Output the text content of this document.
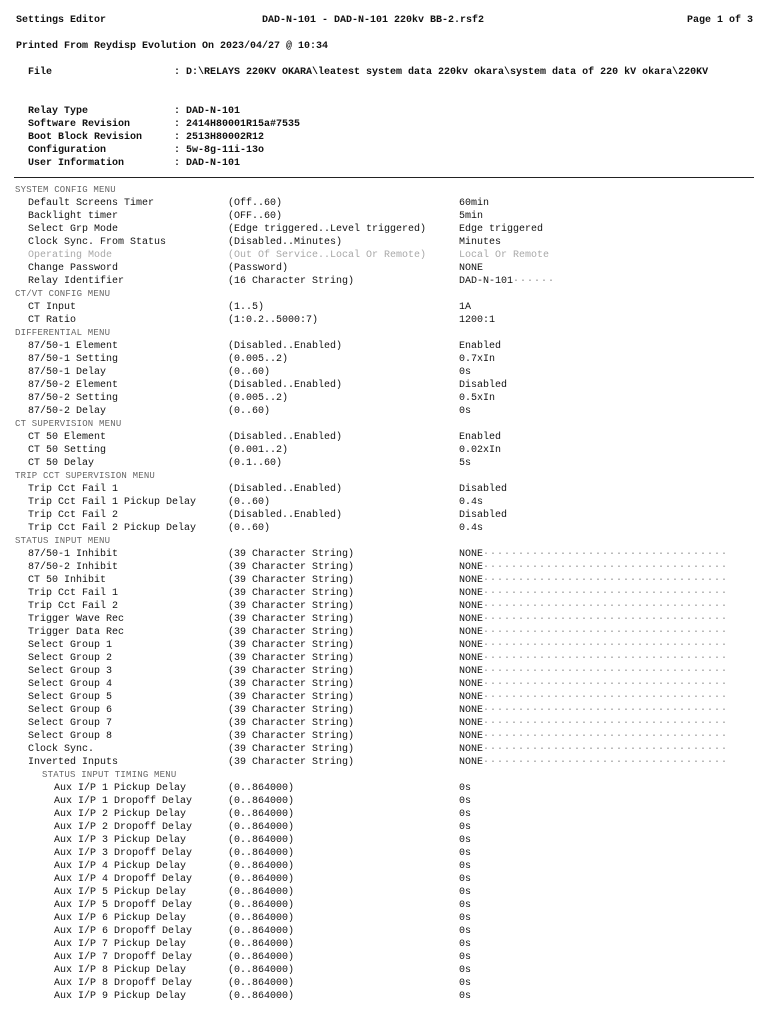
Settings Editor	DAD-N-101 - DAD-N-101 220kv BB-2.rsf2	Page 1 of 3
Printed From Reydisp Evolution On 2023/04/27 @ 10:34
File	: D:\RELAYS 220KV OKARA\leatest system data 220kv okara\system data of 220 kV okara\220KV
Relay Type	: DAD-N-101
Software Revision	: 2414H80001R15a#7535
Boot Block Revision	: 2513H80002R12
Configuration	: 5w-8g-11i-13o
User Information	: DAD-N-101
SYSTEM CONFIG MENU
Default Screens Timer	(Off..60)	60min
Backlight timer	(OFF..60)	5min
Select Grp Mode	(Edge triggered..Level triggered)	Edge triggered
Clock Sync. From Status	(Disabled..Minutes)	Minutes
Operating Mode	(Out Of Service..Local Or Remote)	Local Or Remote
Change Password	(Password)	NONE
Relay Identifier	(16 Character String)	DAD-N-101······
CT/VT CONFIG MENU
CT Input	(1..5)	1A
CT Ratio	(1:0.2..5000:7)	1200:1
DIFFERENTIAL MENU
87/50-1 Element	(Disabled..Enabled)	Enabled
87/50-1 Setting	(0.005..2)	0.7xIn
87/50-1 Delay	(0..60)	0s
87/50-2 Element	(Disabled..Enabled)	Disabled
87/50-2 Setting	(0.005..2)	0.5xIn
87/50-2 Delay	(0..60)	0s
CT SUPERVISION MENU
CT 50 Element	(Disabled..Enabled)	Enabled
CT 50 Setting	(0.001..2)	0.02xIn
CT 50 Delay	(0.1..60)	5s
TRIP CCT SUPERVISION MENU
Trip Cct Fail 1	(Disabled..Enabled)	Disabled
Trip Cct Fail 1 Pickup Delay	(0..60)	0.4s
Trip Cct Fail 2	(Disabled..Enabled)	Disabled
Trip Cct Fail 2 Pickup Delay	(0..60)	0.4s
STATUS INPUT MENU
87/50-1 Inhibit	(39 Character String)	NONE···································
87/50-2 Inhibit	(39 Character String)	NONE···································
CT 50 Inhibit	(39 Character String)	NONE···································
Trip Cct Fail 1	(39 Character String)	NONE···································
Trip Cct Fail 2	(39 Character String)	NONE···································
Trigger Wave Rec	(39 Character String)	NONE···································
Trigger Data Rec	(39 Character String)	NONE···································
Select Group 1	(39 Character String)	NONE···································
Select Group 2	(39 Character String)	NONE···································
Select Group 3	(39 Character String)	NONE···································
Select Group 4	(39 Character String)	NONE···································
Select Group 5	(39 Character String)	NONE···································
Select Group 6	(39 Character String)	NONE···································
Select Group 7	(39 Character String)	NONE···································
Select Group 8	(39 Character String)	NONE···································
Clock Sync.	(39 Character String)	NONE···································
Inverted Inputs	(39 Character String)	NONE···································
STATUS INPUT TIMING MENU
Aux I/P 1 Pickup Delay	(0..864000)	0s
Aux I/P 1 Dropoff Delay	(0..864000)	0s
Aux I/P 2 Pickup Delay	(0..864000)	0s
Aux I/P 2 Dropoff Delay	(0..864000)	0s
Aux I/P 3 Pickup Delay	(0..864000)	0s
Aux I/P 3 Dropoff Delay	(0..864000)	0s
Aux I/P 4 Pickup Delay	(0..864000)	0s
Aux I/P 4 Dropoff Delay	(0..864000)	0s
Aux I/P 5 Pickup Delay	(0..864000)	0s
Aux I/P 5 Dropoff Delay	(0..864000)	0s
Aux I/P 6 Pickup Delay	(0..864000)	0s
Aux I/P 6 Dropoff Delay	(0..864000)	0s
Aux I/P 7 Pickup Delay	(0..864000)	0s
Aux I/P 7 Dropoff Delay	(0..864000)	0s
Aux I/P 8 Pickup Delay	(0..864000)	0s
Aux I/P 8 Dropoff Delay	(0..864000)	0s
Aux I/P 9 Pickup Delay	(0..864000)	0s
